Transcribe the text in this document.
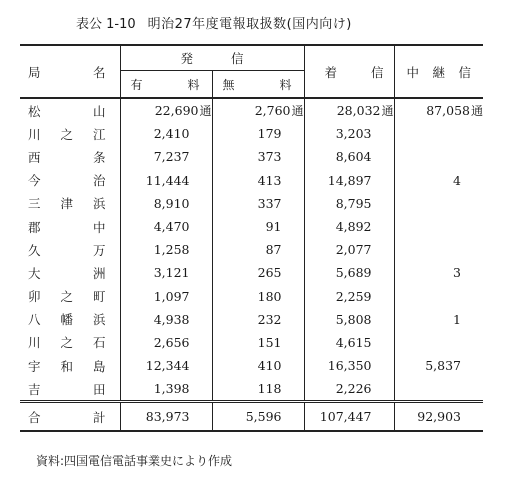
表公 1-10 明治27年度電報取扱数(国内向け)
局 名	発 信		着 信	中 継 信

	有 料	無 料		

松 山	22,690通	2,760通	28,032通	87,058通

川 之 江	2,410	179	3,203	

西 条	7,237	373	8,604	

今 治	11,444	413	14,897	4

三 津 浜	8,910	337	8,795	

郡 中	4,470	91	4,892	

久 万	1,258	87	2,077	

大 洲	3,121	265	5,689	3

卯 之 町	1,097	180	2,259	

八 幡 浜	4,938	232	5,808	1

川 之 石	2,656	151	4,615	

宇 和 島	12,344	410	16,350	5,837

吉 田	1,398	118	2,226	

合 計	83,973	5,596	107,447	92,903
資料:四国電信電話事業史により作成
